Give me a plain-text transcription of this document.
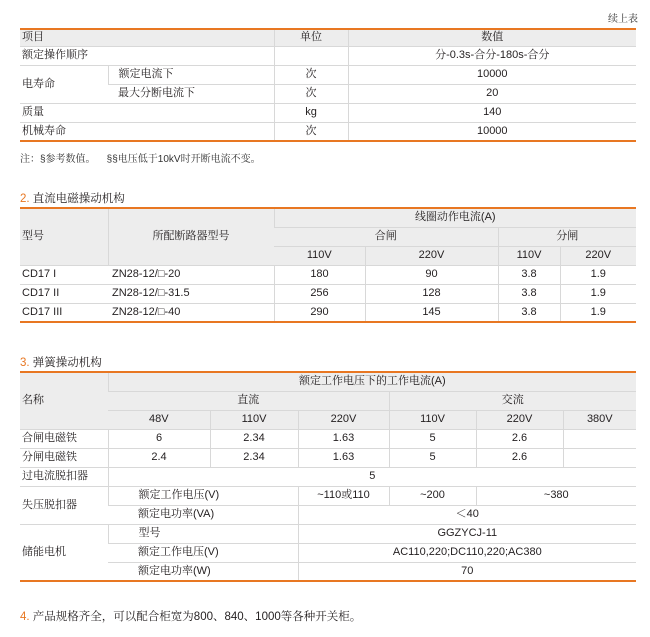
续上表
项目		单位	数值
额定操作顺序			分-0.3s-合分-180s-合分
电寿命	额定电流下	次	10000
	最大分断电流下	次	20
质量		kg	140
机械寿命		次	10000
注：§参考数值。    §§电压低于10kV时开断电流不变。
2. 直流电磁操动机构
型号	所配断路器型号	线圈动作电流(A)			
		合闸		分闸	
		110V	220V	110V	220V
CD17 I	ZN28-12/□-20	180	90	3.8	1.9
CD17 II	ZN28-12/□-31.5	256	128	3.8	1.9
CD17 III	ZN28-12/□-40	290	145	3.8	1.9
3. 弹簧操动机构
名称	额定工作电压下的工作电流(A)					
	直流			交流		
	48V	110V	220V	110V	220V	380V
合闸电磁铁	6	2.34	1.63	5	2.6	
分闸电磁铁	2.4	2.34	1.63	5	2.6	
过电流脱扣器	5					
失压脱扣器	额定工作电压(V)		~110或110	~200	~380	
	额定电功率(VA)		＜40			
储能电机	型号		GGZYCJ-11			
	额定工作电压(V)		AC110,220;DC110,220;AC380			
	额定电功率(W)		70			
4. 产品规格齐全，可以配合柜宽为800、840、1000等各种开关柜。
